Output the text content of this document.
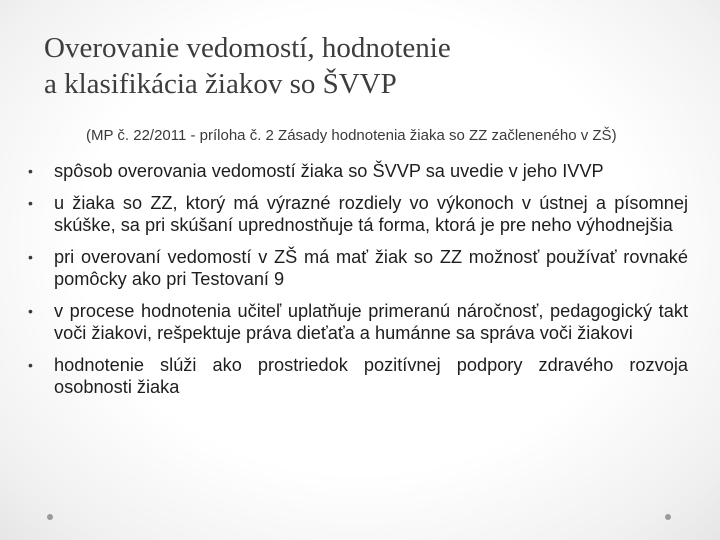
Overovanie vedomostí, hodnotenie
a klasifikácia žiakov so ŠVVP
(MP č. 22/2011 - príloha č. 2 Zásady hodnotenia žiaka so ZZ začleneného v ZŠ)
• spôsob overovania vedomostí žiaka so ŠVVP sa uvedie v jeho IVVP
• u žiaka so ZZ, ktorý má výrazné rozdiely vo výkonoch v ústnej a písomnej skúške, sa pri skúšaní uprednostňuje tá forma, ktorá je pre neho výhodnejšia
• pri overovaní vedomostí v ZŠ má mať žiak so ZZ možnosť používať rovnaké pomôcky ako pri Testovaní 9
• v procese hodnotenia učiteľ uplatňuje primeranú náročnosť, pedagogický takt voči žiakovi, rešpektuje práva dieťaťa a humánne sa správa voči žiakovi
• hodnotenie slúži ako prostriedok pozitívnej podpory zdravého rozvoja osobnosti žiaka
